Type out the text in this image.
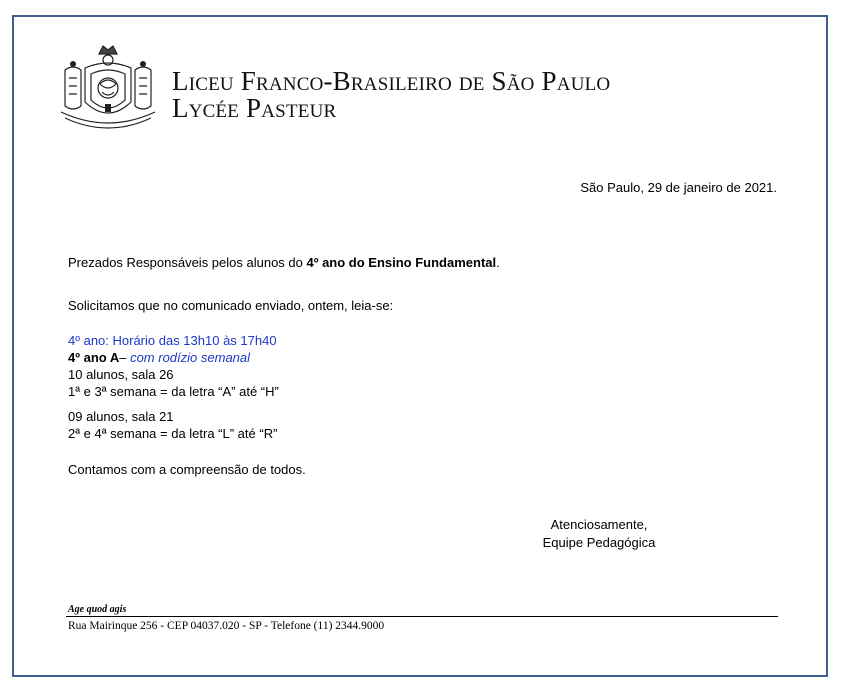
Liceu Franco-Brasileiro de São Paulo
Lycée Pasteur
São Paulo, 29 de janeiro de 2021.
Prezados Responsáveis pelos alunos do 4º ano do Ensino Fundamental.
Solicitamos que no comunicado enviado, ontem, leia-se:
4º ano: Horário das 13h10 às 17h40
4º ano A– com rodízio semanal
10 alunos, sala 26
1ª e 3ª semana = da letra “A” até “H”
09 alunos, sala 21
2ª e 4ª semana = da letra “L” até “R”
Contamos com a compreensão de todos.
Atenciosamente,
Equipe Pedagógica
Age quod agis
Rua Mairinque 256 - CEP 04037.020 - SP - Telefone (11) 2344.9000
